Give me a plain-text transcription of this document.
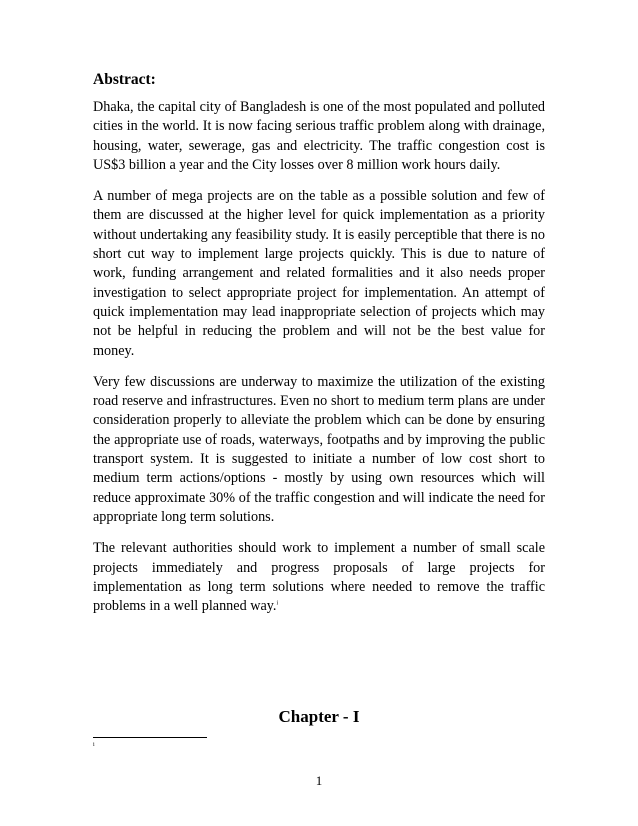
Abstract:

Dhaka, the capital city of Bangladesh is one of the most populated and polluted cities in the world. It is now facing serious traffic problem along with drainage, housing, water, sewerage, gas and electricity. The traffic congestion cost is US$3 billion a year and the City losses over 8 million work hours daily.

A number of mega projects are on the table as a possible solution and few of them are discussed at the higher level for quick implementation as a priority without undertaking any feasibility study. It is easily perceptible that there is no short cut way to implement large projects quickly. This is due to nature of work, funding arrangement and related formalities and it also needs proper investigation to select appropriate project for implementation. An attempt of quick implementation may lead inappropriate selection of projects which may not be helpful in reducing the problem and will not be the best value for money.

Very few discussions are underway to maximize the utilization of the existing road reserve and infrastructures. Even no short to medium term plans are under consideration properly to alleviate the problem which can be done by ensuring the appropriate use of roads, waterways, footpaths and by improving the public transport system. It is suggested to initiate a number of low cost short to medium term actions/options - mostly by using own resources which will reduce approximate 30% of the traffic congestion and will indicate the need for appropriate long term solutions.

The relevant authorities should work to implement a number of small scale projects immediately and progress proposals of large projects for implementation as long term solutions where needed to remove the traffic problems in a well planned way.$^i$

Chapter - I
i
1
